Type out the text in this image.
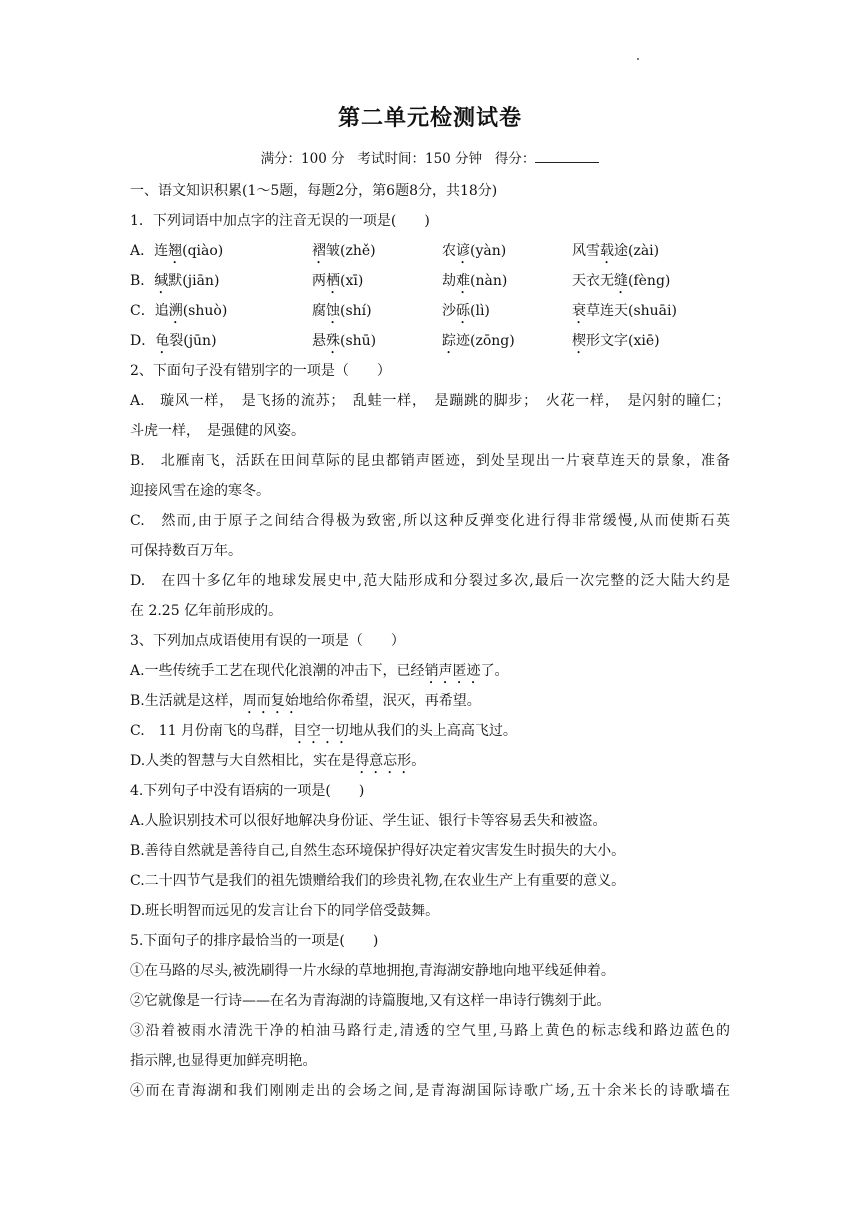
第二单元检测试卷
满分：100 分   考试时间：150 分钟   得分：
一、语文知识积累(1～5题，每题2分，第6题8分，共18分)
1．下列词语中加点字的注音无误的一项是(　　)
A．连翘(qiào)	褶皱(zhě)	农谚(yàn)	风雪载途(zài)
B．缄默(jiān)	两栖(xī)	劫难(nàn)	天衣无缝(fèng)
C．追溯(shuò)	腐蚀(shí)	沙砾(lì)	衰草连天(shuāi)
D．龟裂(jūn)	悬殊(shū)	踪迹(zōng)	楔形文字(xiē)
2、下面句子没有错别字的一项是（　　）
A.　璇风一样，　是飞扬的流苏；　乱蛙一样，　是蹦跳的脚步；　火花一样，　是闪射的瞳仁；
斗虎一样，　是强健的风姿。
B.　北雁南飞，活跃在田间草际的昆虫都销声匿迹，到处呈现出一片衰草连天的景象，准备
迎接风雪在途的寒冬。
C.　然而,由于原子之间结合得极为致密,所以这种反弹变化进行得非常缓慢,从而使斯石英
可保持数百万年。
D.　在四十多亿年的地球发展史中,范大陆形成和分裂过多次,最后一次完整的泛大陆大约是
在 2.25 亿年前形成的。
3、下列加点成语使用有误的一项是（　　）
A.一些传统手工艺在现代化浪潮的冲击下，已经销声匿迹了。
B.生活就是这样，周而复始地给你希望，泯灭，再希望。
C.　11 月份南飞的鸟群，目空一切地从我们的头上高高飞过。
D.人类的智慧与大自然相比，实在是得意忘形。
4.下列句子中没有语病的一项是(　　)
A.人脸识别技术可以很好地解决身份证、学生证、银行卡等容易丢失和被盗。
B.善待自然就是善待自己,自然生态环境保护得好决定着灾害发生时损失的大小。
C.二十四节气是我们的祖先馈赠给我们的珍贵礼物,在农业生产上有重要的意义。
D.班长明智而远见的发言让台下的同学倍受鼓舞。
5.下面句子的排序最恰当的一项是(　　)
①在马路的尽头,被洗刷得一片水绿的草地拥抱,青海湖安静地向地平线延伸着。
②它就像是一行诗——在名为青海湖的诗篇腹地,又有这样一串诗行镌刻于此。
③沿着被雨水清洗干净的柏油马路行走,清透的空气里,马路上黄色的标志线和路边蓝色的
指示牌,也显得更加鲜亮明艳。
④而在青海湖和我们刚刚走出的会场之间,是青海湖国际诗歌广场,五十余米长的诗歌墙在
